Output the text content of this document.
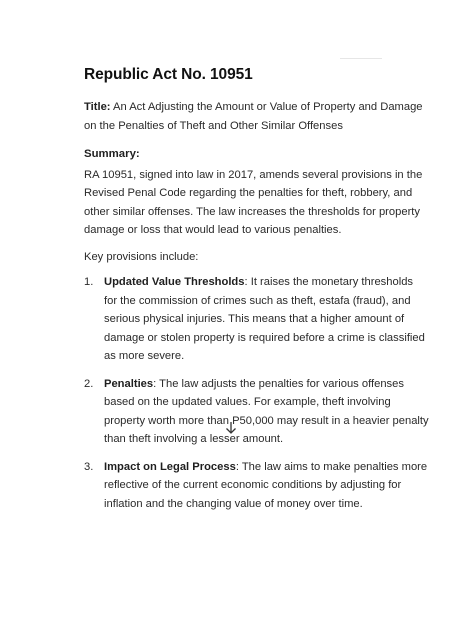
Republic Act No. 10951

Title: An Act Adjusting the Amount or Value of Property and Damage on the Penalties of Theft and Other Similar Offenses

Summary:

RA 10951, signed into law in 2017, amends several provisions in the Revised Penal Code regarding the penalties for theft, robbery, and other similar offenses. The law increases the thresholds for property damage or loss that would lead to various penalties.

Key provisions include:

1. Updated Value Thresholds: It raises the monetary thresholds for the commission of crimes such as theft, estafa (fraud), and serious physical injuries. This means that a higher amount of damage or stolen property is required before a crime is classified as more severe.
2. Penalties: The law adjusts the penalties for various offenses based on the updated values. For example, theft involving property worth more than P50,000 may result in a heavier penalty than theft involving a lesser amount.
3. Impact on Legal Process: The law aims to make penalties more reflective of the current economic conditions by adjusting for inflation and the changing value of money over time.
